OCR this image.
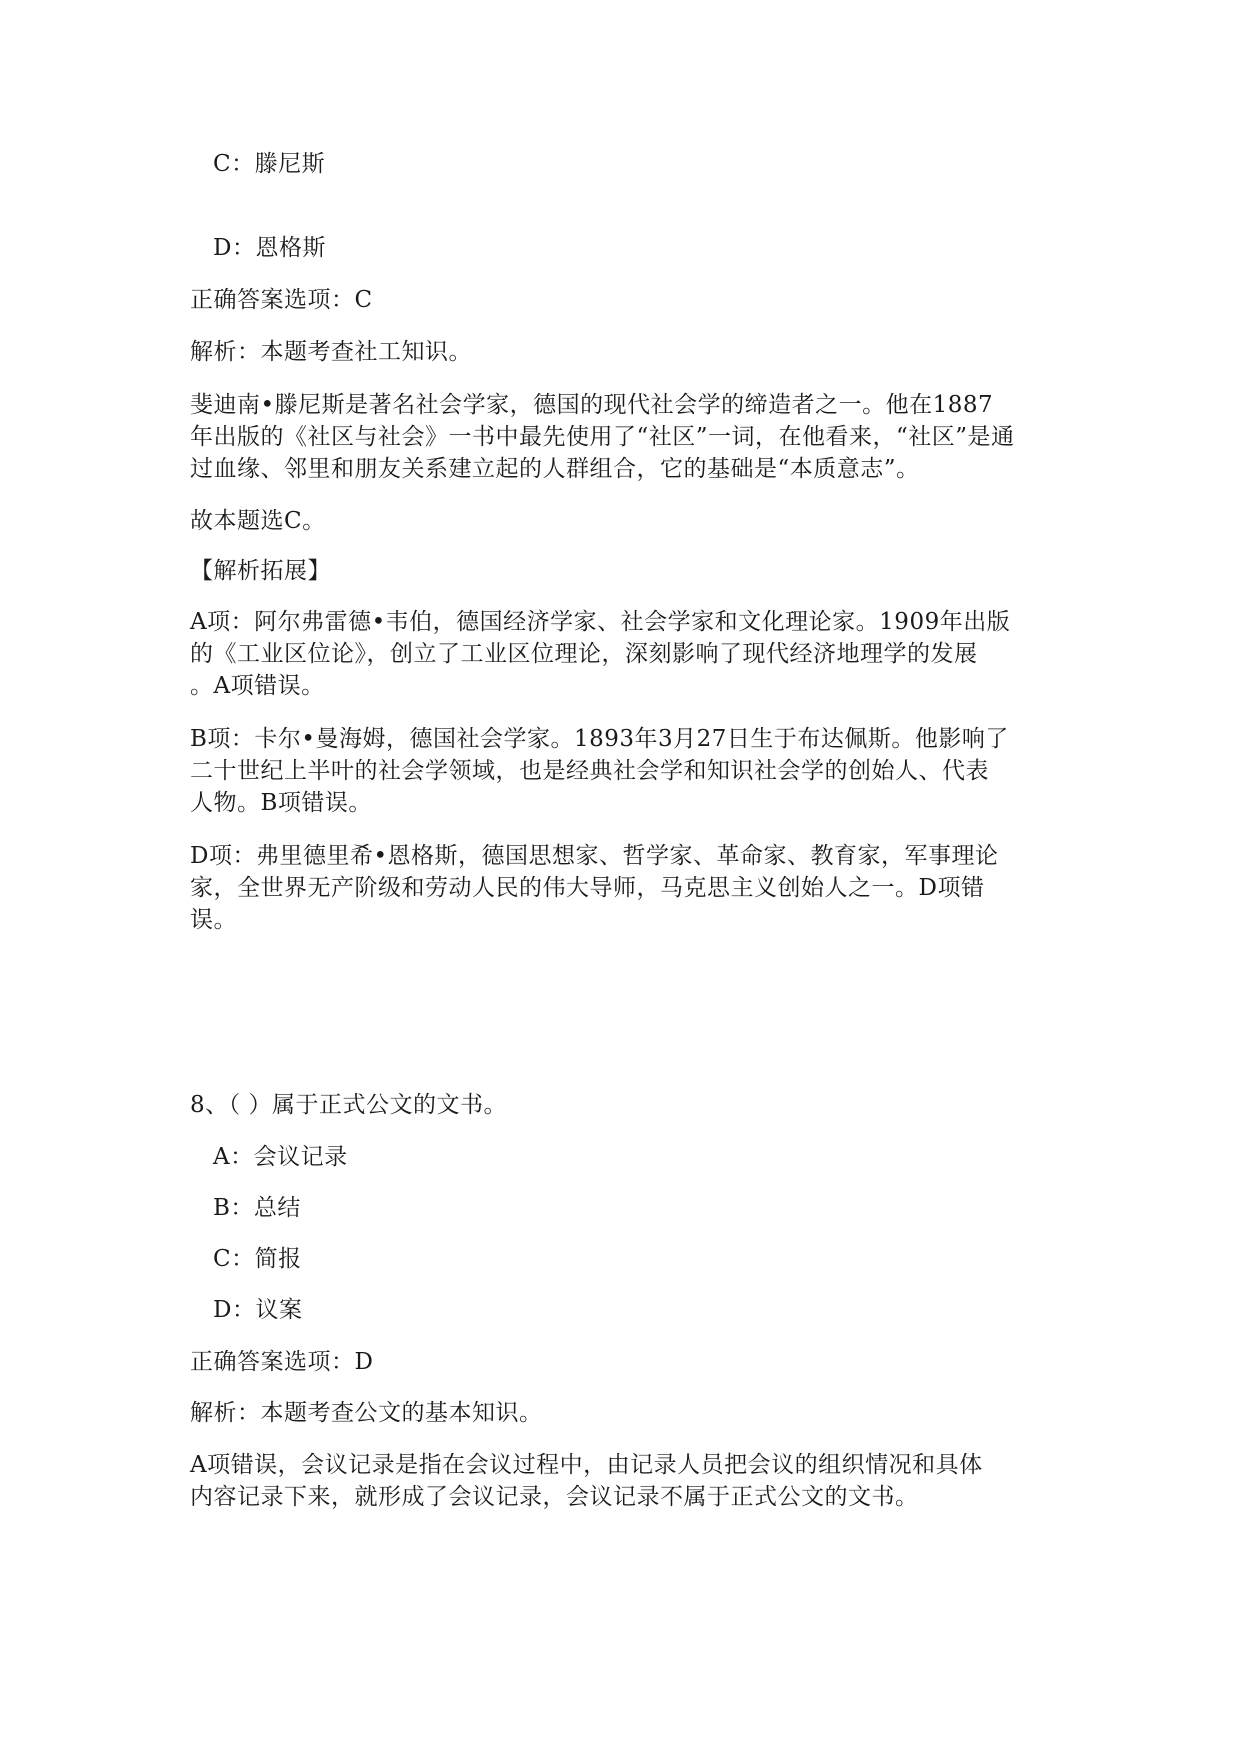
C：滕尼斯
D：恩格斯
正确答案选项：C
解析：本题考查社工知识。
斐迪南•滕尼斯是著名社会学家，德国的现代社会学的缔造者之一。他在1887
年出版的《社区与社会》一书中最先使用了“社区”一词，在他看来，“社区”是通
过血缘、邻里和朋友关系建立起的人群组合，它的基础是“本质意志”。
故本题选C。
【解析拓展】
A项：阿尔弗雷德•韦伯，德国经济学家、社会学家和文化理论家。1909年出版
的《工业区位论》，创立了工业区位理论，深刻影响了现代经济地理学的发展
。A项错误。
B项：卡尔•曼海姆，德国社会学家。1893年3月27日生于布达佩斯。他影响了
二十世纪上半叶的社会学领域，也是经典社会学和知识社会学的创始人、代表
人物。B项错误。
D项：弗里德里希•恩格斯，德国思想家、哲学家、革命家、教育家，军事理论
家，全世界无产阶级和劳动人民的伟大导师，马克思主义创始人之一。D项错
误。
8、（ ）属于正式公文的文书。
A：会议记录
B：总结
C：简报
D：议案
正确答案选项：D
解析：本题考查公文的基本知识。
A项错误，会议记录是指在会议过程中，由记录人员把会议的组织情况和具体
内容记录下来，就形成了会议记录，会议记录不属于正式公文的文书。
